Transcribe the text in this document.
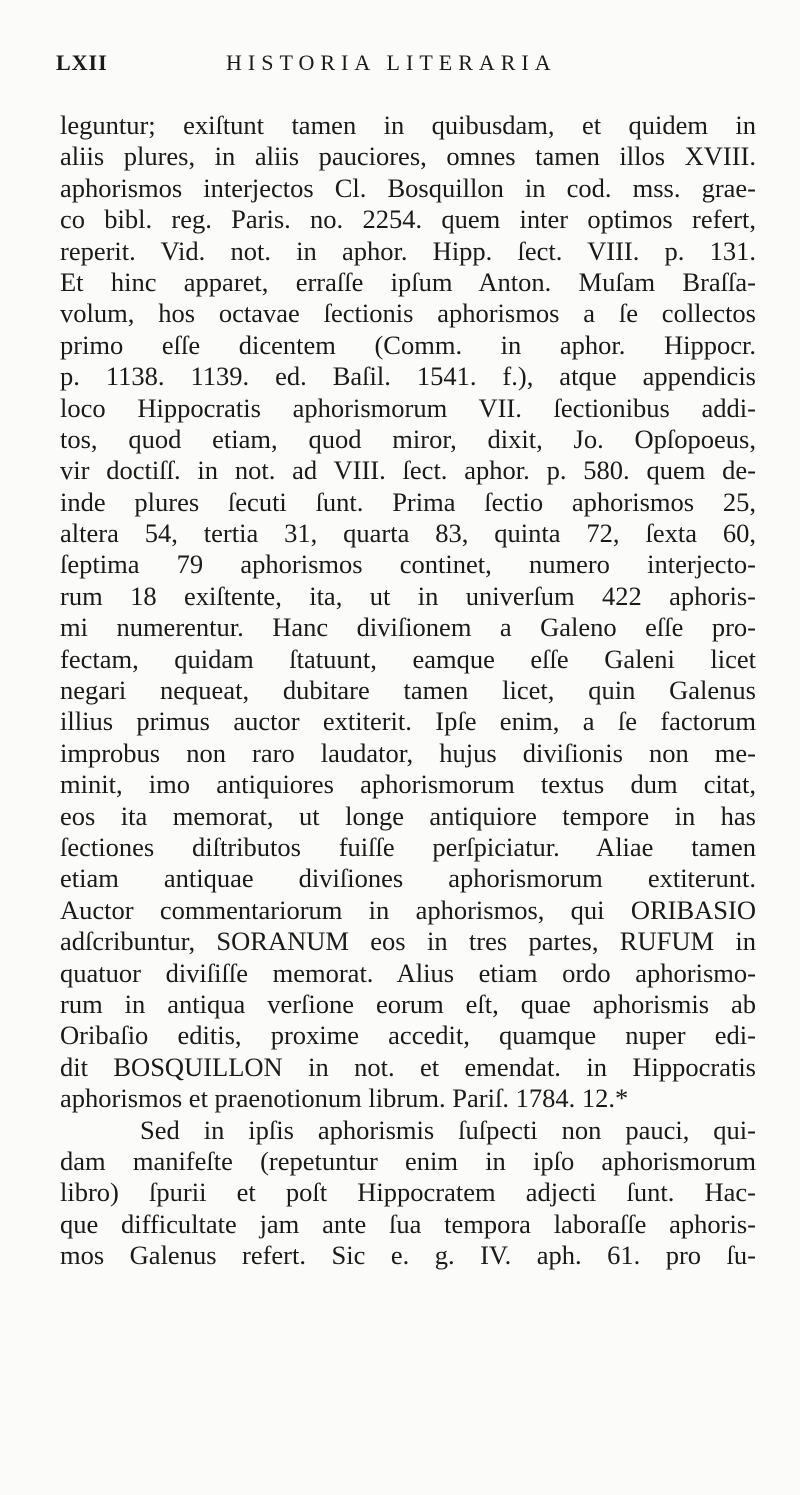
LXII	HISTORIA LITERARIA
leguntur; exiſtunt tamen in quibusdam, et quidem in
aliis plures, in aliis pauciores, omnes tamen illos XVIII.
aphorismos interjectos Cl. Bosquillon in cod. mss. grae-
co bibl. reg. Paris. no. 2254. quem inter optimos refert,
reperit. Vid. not. in aphor. Hipp. ſect. VIII. p. 131.
Et hinc apparet, erraſſe ipſum Anton. Muſam Braſſa-
volum, hos octavae ſectionis aphorismos a ſe collectos
primo eſſe dicentem (Comm. in aphor. Hippocr.
p. 1138. 1139. ed. Baſil. 1541. f.), atque appendicis
loco Hippocratis aphorismorum VII. ſectionibus addi-
tos, quod etiam, quod miror, dixit, Jo. Opſopoeus,
vir doctiſſ. in not. ad VIII. ſect. aphor. p. 580. quem de-
inde plures ſecuti ſunt. Prima ſectio aphorismos 25,
altera 54, tertia 31, quarta 83, quinta 72, ſexta 60,
ſeptima 79 aphorismos continet, numero interjecto-
rum 18 exiſtente, ita, ut in univerſum 422 aphoris-
mi numerentur. Hanc diviſionem a Galeno eſſe pro-
fectam, quidam ſtatuunt, eamque eſſe Galeni licet
negari nequeat, dubitare tamen licet, quin Galenus
illius primus auctor extiterit. Ipſe enim, a ſe factorum
improbus non raro laudator, hujus diviſionis non me-
minit, imo antiquiores aphorismorum textus dum citat,
eos ita memorat, ut longe antiquiore tempore in has
ſectiones diſtributos fuiſſe perſpiciatur. Aliae tamen
etiam antiquae diviſiones aphorismorum extiterunt.
Auctor commentariorum in aphorismos, qui ORIBASIO
adſcribuntur, SORANUM eos in tres partes, RUFUM in
quatuor diviſiſſe memorat. Alius etiam ordo aphorismo-
rum in antiqua verſione eorum eſt, quae aphorismis ab
Oribaſio editis, proxime accedit, quamque nuper edi-
dit BOSQUILLON in not. et emendat. in Hippocratis
aphorismos et praenotionum librum. Pariſ. 1784. 12.*
Sed in ipſis aphorismis ſuſpecti non pauci, qui-
dam manifeſte (repetuntur enim in ipſo aphorismorum
libro) ſpurii et poſt Hippocratem adjecti ſunt. Hac-
que difficultate jam ante ſua tempora laboraſſe aphoris-
mos Galenus refert. Sic e. g. IV. aph. 61. pro ſu-
